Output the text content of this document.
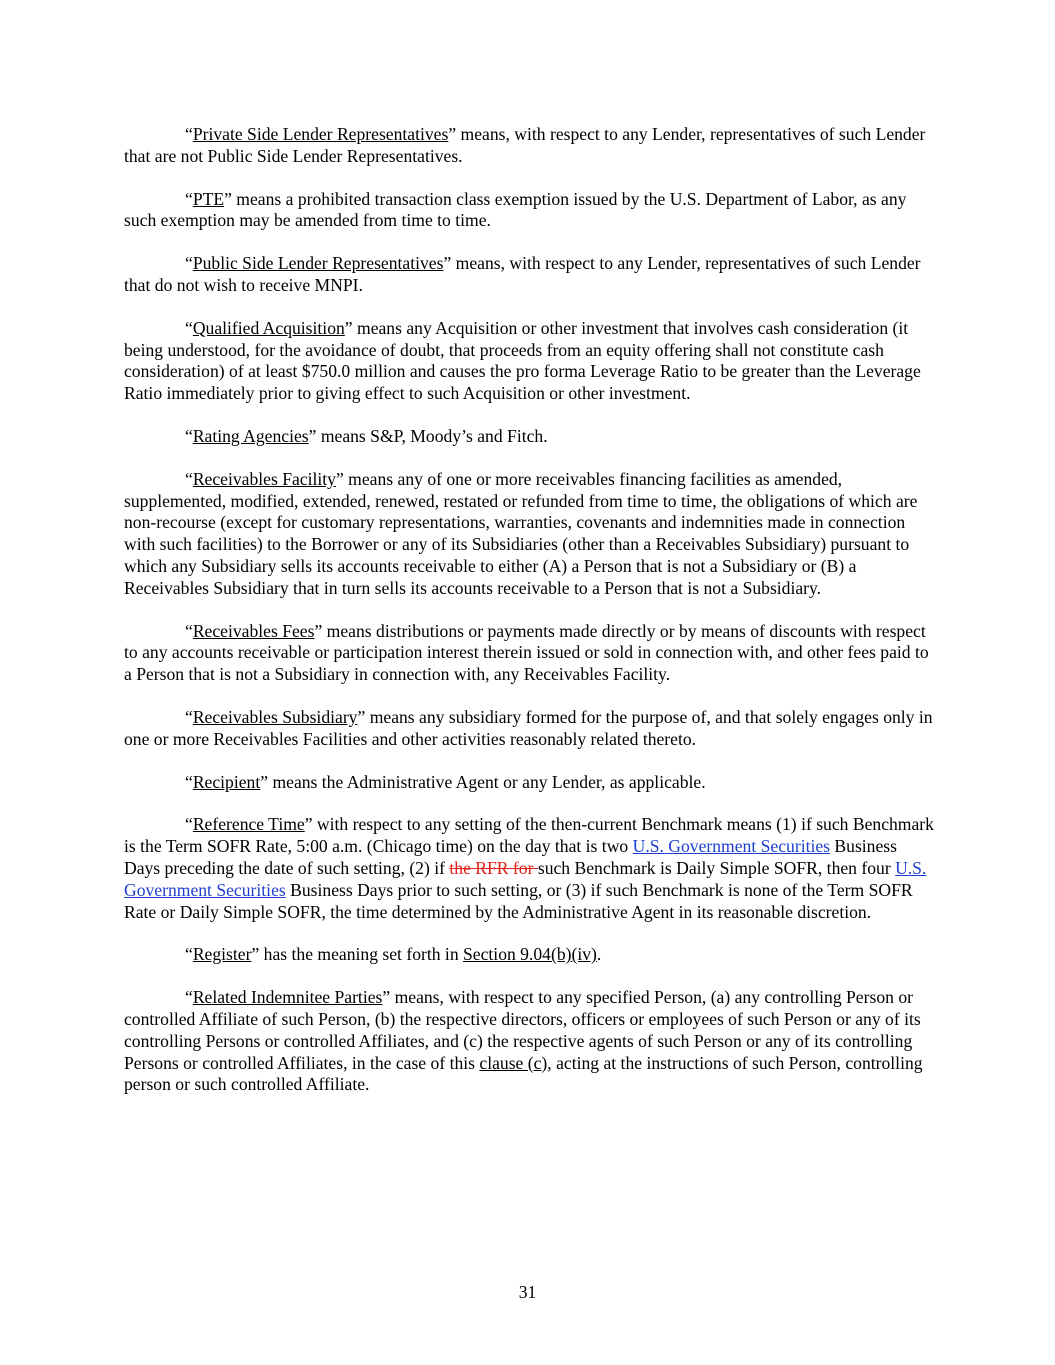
“Private Side Lender Representatives” means, with respect to any Lender, representatives of such Lender that are not Public Side Lender Representatives.

“PTE” means a prohibited transaction class exemption issued by the U.S. Department of Labor, as any such exemption may be amended from time to time.

“Public Side Lender Representatives” means, with respect to any Lender, representatives of such Lender that do not wish to receive MNPI.

“Qualified Acquisition” means any Acquisition or other investment that involves cash consideration (it being understood, for the avoidance of doubt, that proceeds from an equity offering shall not constitute cash consideration) of at least $750.0 million and causes the pro forma Leverage Ratio to be greater than the Leverage Ratio immediately prior to giving effect to such Acquisition or other investment.

“Rating Agencies” means S&P, Moody’s and Fitch.

“Receivables Facility” means any of one or more receivables financing facilities as amended, supplemented, modified, extended, renewed, restated or refunded from time to time, the obligations of which are non-recourse (except for customary representations, warranties, covenants and indemnities made in connection with such facilities) to the Borrower or any of its Subsidiaries (other than a Receivables Subsidiary) pursuant to which any Subsidiary sells its accounts receivable to either (A) a Person that is not a Subsidiary or (B) a Receivables Subsidiary that in turn sells its accounts receivable to a Person that is not a Subsidiary.

“Receivables Fees” means distributions or payments made directly or by means of discounts with respect to any accounts receivable or participation interest therein issued or sold in connection with, and other fees paid to a Person that is not a Subsidiary in connection with, any Receivables Facility.

“Receivables Subsidiary” means any subsidiary formed for the purpose of, and that solely engages only in one or more Receivables Facilities and other activities reasonably related thereto.

“Recipient” means the Administrative Agent or any Lender, as applicable.

“Reference Time” with respect to any setting of the then-current Benchmark means (1) if such Benchmark is the Term SOFR Rate, 5:00 a.m. (Chicago time) on the day that is two U.S. Government Securities Business Days preceding the date of such setting, (2) if the RFR for such Benchmark is Daily Simple SOFR, then four U.S. Government Securities Business Days prior to such setting, or (3) if such Benchmark is none of the Term SOFR Rate or Daily Simple SOFR, the time determined by the Administrative Agent in its reasonable discretion.

“Register” has the meaning set forth in Section 9.04(b)(iv).

“Related Indemnitee Parties” means, with respect to any specified Person, (a) any controlling Person or controlled Affiliate of such Person, (b) the respective directors, officers or employees of such Person or any of its controlling Persons or controlled Affiliates, and (c) the respective agents of such Person or any of its controlling Persons or controlled Affiliates, in the case of this clause (c), acting at the instructions of such Person, controlling person or such controlled Affiliate.

31
